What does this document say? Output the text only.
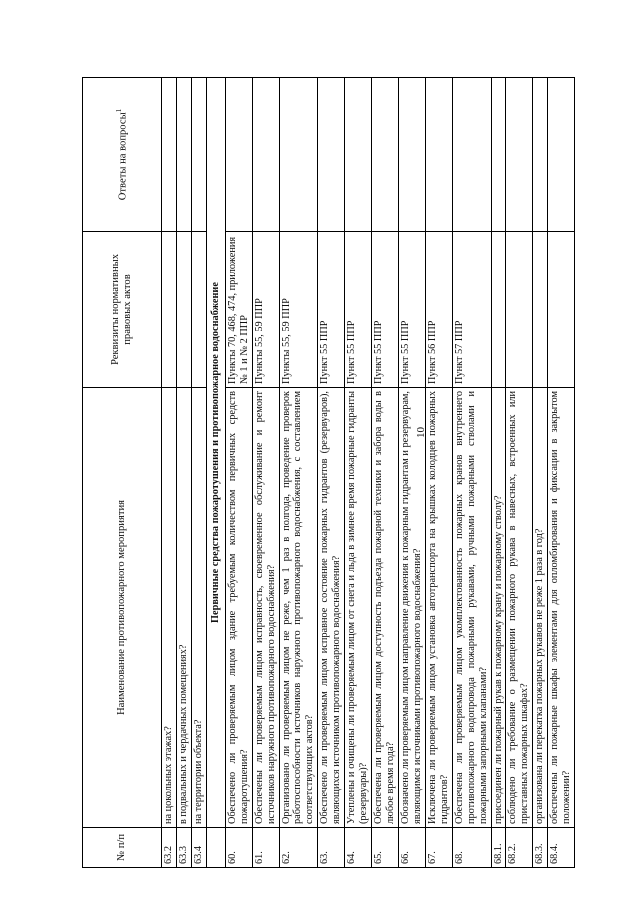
10
№ п/п	Наименование противопожарного мероприятия	Реквизиты нормативных правовых актов	Ответы на вопросы$^1$
63.2	на цокольных этажах?		
63.3	в подвальных и чердачных помещениях?		
63.4	на территории объекта?		
	Первичные средства пожаротушения и противопожарное водоснабжение		
60.	Обеспечено ли проверяемым лицом здание требуемым количеством первичных средств пожаротушения?	Пункты 70, 468, 474, приложения № 1 и № 2 ППР	
61.	Обеспечены ли проверяемым лицом исправность, своевременное обслуживание и ремонт источников наружного противопожарного водоснабжения?	Пункты 55, 59 ППР	
62.	Организовано ли проверяемым лицом не реже, чем 1 раз в полгода, проведение проверок работоспособности источников наружного противопожарного водоснабжения, с составлением соответствующих актов?	Пункты 55, 59 ППР	
63.	Обеспечено ли проверяемым лицом исправное состояние пожарных гидрантов (резервуаров), являющихся источником противопожарного водоснабжения?	Пункт 55 ППР	
64.	Утеплены и очищены ли проверяемым лицом от снега и льда в зимнее время пожарные гидранты (резервуары)?	Пункт 55 ППР	
65.	Обеспечена ли проверяемым лицом доступность подъезда пожарной техники и забора воды в любое время года?	Пункт 55 ППР	
66.	Обозначено ли проверяемым лицом направление движения к пожарным гидрантам и резервуарам, являющимся источниками противопожарного водоснабжения?	Пункт 55 ППР	
67.	Исключена ли проверяемым лицом установка автотранспорта на крышках колодцев пожарных гидрантов?	Пункт 56 ППР	
68.	Обеспечена ли проверяемым лицом укомплектованность пожарных кранов внутреннего противопожарного водопровода пожарными рукавами, ручными пожарными стволами и пожарными запорными клапанами?	Пункт 57 ППР	
68.1.	присоединен ли пожарный рукав к пожарному крану и пожарному стволу?		
68.2.	соблюдено ли требование о размещении пожарного рукава в навесных, встроенных или приставных пожарных шкафах?		
68.3.	организована ли перекатка пожарных рукавов не реже 1 раза в год?		
68.4.	обеспечены ли пожарные шкафы элементами для опломбирования и фиксации в закрытом положении?		
